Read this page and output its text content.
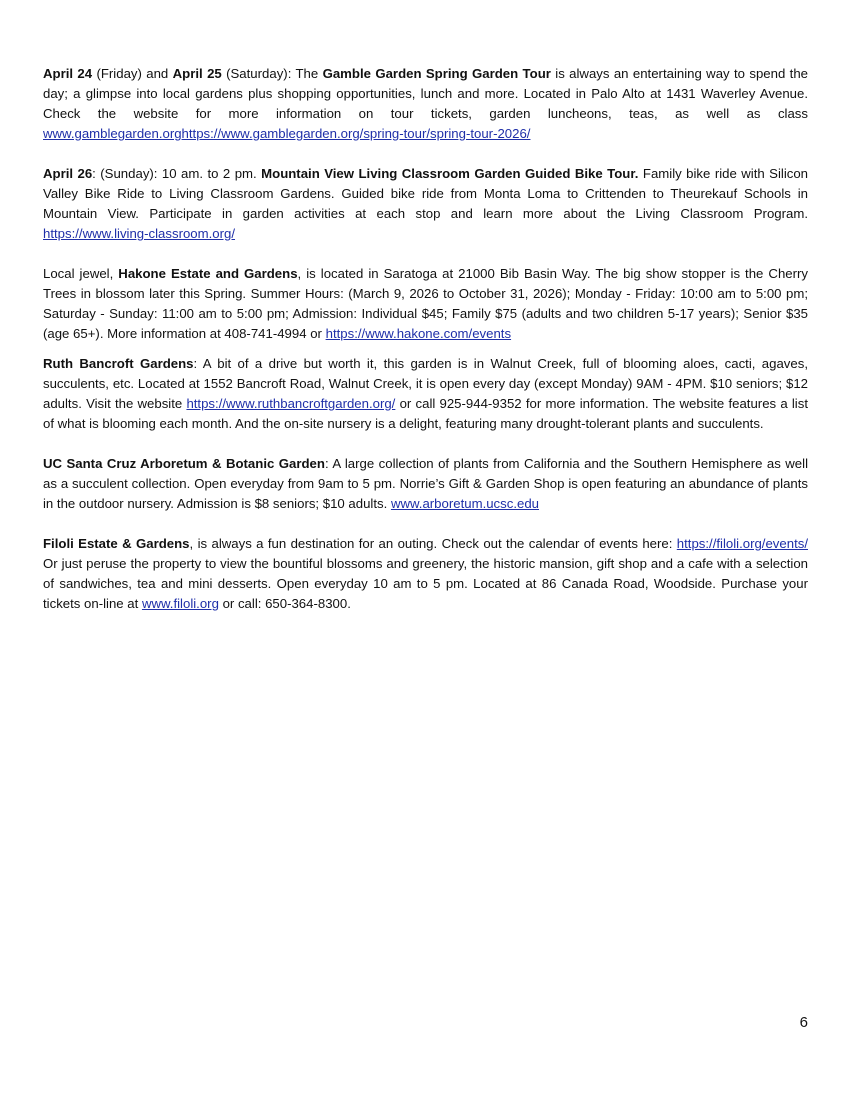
April 24 (Friday) and April 25 (Saturday): The Gamble Garden Spring Garden Tour is always an entertaining way to spend the day; a glimpse into local gardens plus shopping opportunities, lunch and more. Located in Palo Alto at 1431 Waverley Avenue. Check the website for more information on tour tickets, garden luncheons, teas, as well as class www.gamblegarden.orghttps://www.gamblegarden.org/spring-tour/spring-tour-2026/

April 26: (Sunday): 10 am. to 2 pm. Mountain View Living Classroom Garden Guided Bike Tour. Family bike ride with Silicon Valley Bike Ride to Living Classroom Gardens. Guided bike ride from Monta Loma to Crittenden to Theurekauf Schools in Mountain View. Participate in garden activities at each stop and learn more about the Living Classroom Program. https://www.living-classroom.org/

Local jewel, Hakone Estate and Gardens, is located in Saratoga at 21000 Bib Basin Way. The big show stopper is the Cherry Trees in blossom later this Spring. Summer Hours: (March 9, 2026 to October 31, 2026); Monday - Friday: 10:00 am to 5:00 pm; Saturday - Sunday: 11:00 am to 5:00 pm; Admission: Individual $45; Family $75 (adults and two children 5-17 years); Senior $35 (age 65+). More information at 408-741-4994 or https://www.hakone.com/events

Ruth Bancroft Gardens: A bit of a drive but worth it, this garden is in Walnut Creek, full of blooming aloes, cacti, agaves, succulents, etc. Located at 1552 Bancroft Road, Walnut Creek, it is open every day (except Monday) 9AM - 4PM. $10 seniors; $12 adults. Visit the website https://www.ruthbancroftgarden.org/ or call 925-944-9352 for more information. The website features a list of what is blooming each month. And the on-site nursery is a delight, featuring many drought-tolerant plants and succulents.

UC Santa Cruz Arboretum & Botanic Garden: A large collection of plants from California and the Southern Hemisphere as well as a succulent collection. Open everyday from 9am to 5 pm. Norrie’s Gift & Garden Shop is open featuring an abundance of plants in the outdoor nursery. Admission is $8 seniors; $10 adults. www.arboretum.ucsc.edu

Filoli Estate & Gardens, is always a fun destination for an outing. Check out the calendar of events here: https://filoli.org/events/ Or just peruse the property to view the bountiful blossoms and greenery, the historic mansion, gift shop and a cafe with a selection of sandwiches, tea and mini desserts. Open everyday 10 am to 5 pm. Located at 86 Canada Road, Woodside. Purchase your tickets on-line at www.filoli.org or call: 650-364-8300.

6
